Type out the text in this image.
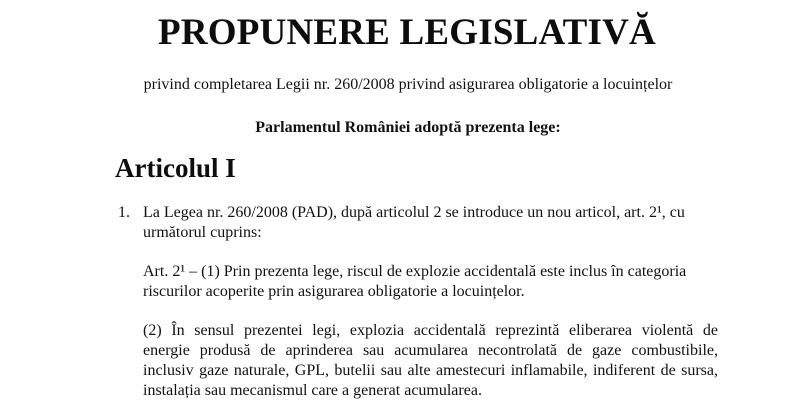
PROPUNERE LEGISLATIVĂ

privind completarea Legii nr. 260/2008 privind asigurarea obligatorie a locuințelor

Parlamentul României adoptă prezenta lege:

Articolul I
1. La Legea nr. 260/2008 (PAD), după articolul 2 se introduce un nou articol, art. 2¹, cu
următorul cuprins:
Art. 2¹ – (1) Prin prezenta lege, riscul de explozie accidentală este inclus în categoria
riscurilor acoperite prin asigurarea obligatorie a locuințelor.
(2) În sensul prezentei legi, explozia accidentală reprezintă eliberarea violentă de
energie produsă de aprinderea sau acumularea necontrolată de gaze combustibile,
inclusiv gaze naturale, GPL, butelii sau alte amestecuri inflamabile, indiferent de sursa,
instalația sau mecanismul care a generat acumularea.
